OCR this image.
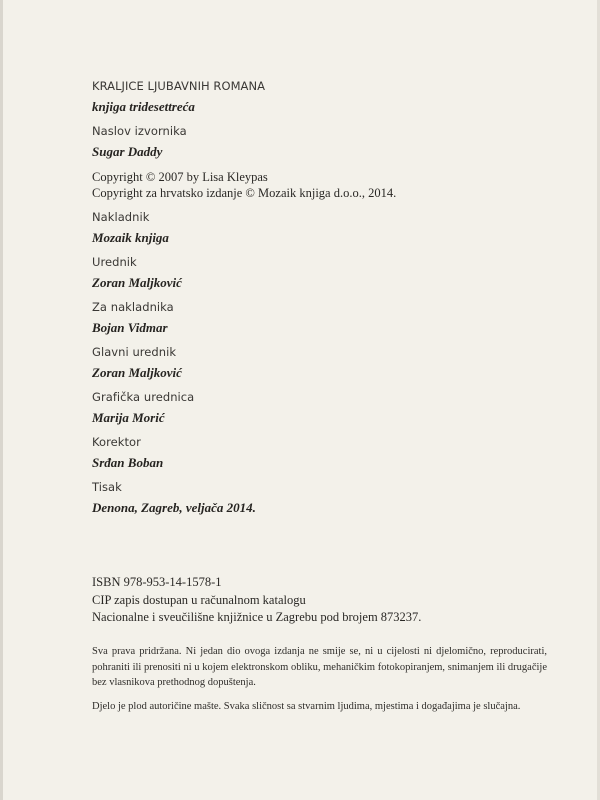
KRALJICE LJUBAVNIH ROMANA
knjiga tridesettreća
Naslov izvornika
Sugar Daddy
Copyright © 2007 by Lisa Kleypas
Copyright za hrvatsko izdanje © Mozaik knjiga d.o.o., 2014.
Nakladnik
Mozaik knjiga
Urednik
Zoran Maljković
Za nakladnika
Bojan Vidmar
Glavni urednik
Zoran Maljković
Grafička urednica
Marija Morić
Korektor
Srđan Boban
Tisak
Denona, Zagreb, veljača 2014.
ISBN 978-953-14-1578-1
CIP zapis dostupan u računalnom katalogu
Nacionalne i sveučilišne knjižnice u Zagrebu pod brojem 873237.

Sva prava pridržana. Ni jedan dio ovoga izdanja ne smije se, ni u cijelosti ni djelomično, reproducirati, pohraniti ili prenositi ni u kojem elektronskom obliku, mehaničkim fotokopiranjem, snimanjem ili drugačije bez vlasnikova prethodnog dopuštenja.

Djelo je plod autoričine mašte. Svaka sličnost sa stvarnim ljudima, mjestima i događajima je slučajna.
